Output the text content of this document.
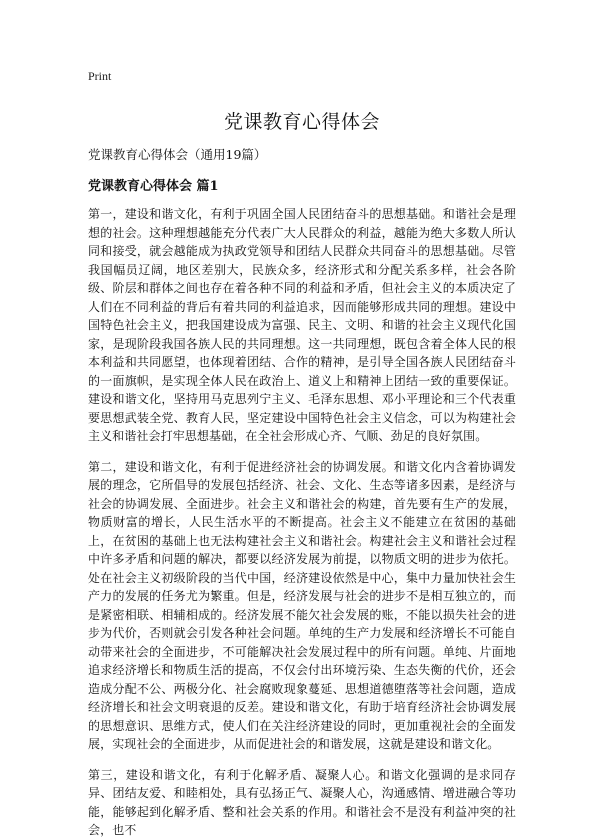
Print
党课教育心得体会

党课教育心得体会（通用19篇）

党课教育心得体会 篇1

第一，建设和谐文化，有利于巩固全国人民团结奋斗的思想基础。和谐社会是理想的社会。这种理想越能充分代表广大人民群众的利益，越能为绝大多数人所认同和接受，就会越能成为执政党领导和团结人民群众共同奋斗的思想基础。尽管我国幅员辽阔，地区差别大，民族众多，经济形式和分配关系多样，社会各阶级、阶层和群体之间也存在着各种不同的利益和矛盾，但社会主义的本质决定了人们在不同利益的背后有着共同的利益追求，因而能够形成共同的理想。建设中国特色社会主义，把我国建设成为富强、民主、文明、和谐的社会主义现代化国家，是现阶段我国各族人民的共同理想。这一共同理想，既包含着全体人民的根本利益和共同愿望，也体现着团结、合作的精神，是引导全国各族人民团结奋斗的一面旗帜，是实现全体人民在政治上、道义上和精神上团结一致的重要保证。建设和谐文化，坚持用马克思列宁主义、毛泽东思想、邓小平理论和三个代表重要思想武装全党、教育人民，坚定建设中国特色社会主义信念，可以为构建社会主义和谐社会打牢思想基础，在全社会形成心齐、气顺、劲足的良好氛围。

第二，建设和谐文化，有利于促进经济社会的协调发展。和谐文化内含着协调发展的理念，它所倡导的发展包括经济、社会、文化、生态等诸多因素，是经济与社会的协调发展、全面进步。社会主义和谐社会的构建，首先要有生产的发展，物质财富的增长，人民生活水平的不断提高。社会主义不能建立在贫困的基础上，在贫困的基础上也无法构建社会主义和谐社会。构建社会主义和谐社会过程中许多矛盾和问题的解决，都要以经济发展为前提，以物质文明的进步为依托。处在社会主义初级阶段的当代中国，经济建设依然是中心，集中力量加快社会生产力的发展的任务尤为繁重。但是，经济发展与社会的进步不是相互独立的，而是紧密相联、相辅相成的。经济发展不能欠社会发展的账，不能以损失社会的进步为代价，否则就会引发各种社会问题。单纯的生产力发展和经济增长不可能自动带来社会的全面进步，不可能解决社会发展过程中的所有问题。单纯、片面地追求经济增长和物质生活的提高，不仅会付出环境污染、生态失衡的代价，还会造成分配不公、两极分化、社会腐败现象蔓延、思想道德堕落等社会问题，造成经济增长和社会文明衰退的反差。建设和谐文化，有助于培育经济社会协调发展的思想意识、思维方式，使人们在关注经济建设的同时，更加重视社会的全面发展，实现社会的全面进步，从而促进社会的和谐发展，这就是建设和谐文化。

第三，建设和谐文化，有利于化解矛盾、凝聚人心。和谐文化强调的是求同存异、团结友爱、和睦相处，具有弘扬正气、凝聚人心，沟通感情、增进融合等功能，能够起到化解矛盾、整和社会关系的作用。和谐社会不是没有利益冲突的社会，也不
